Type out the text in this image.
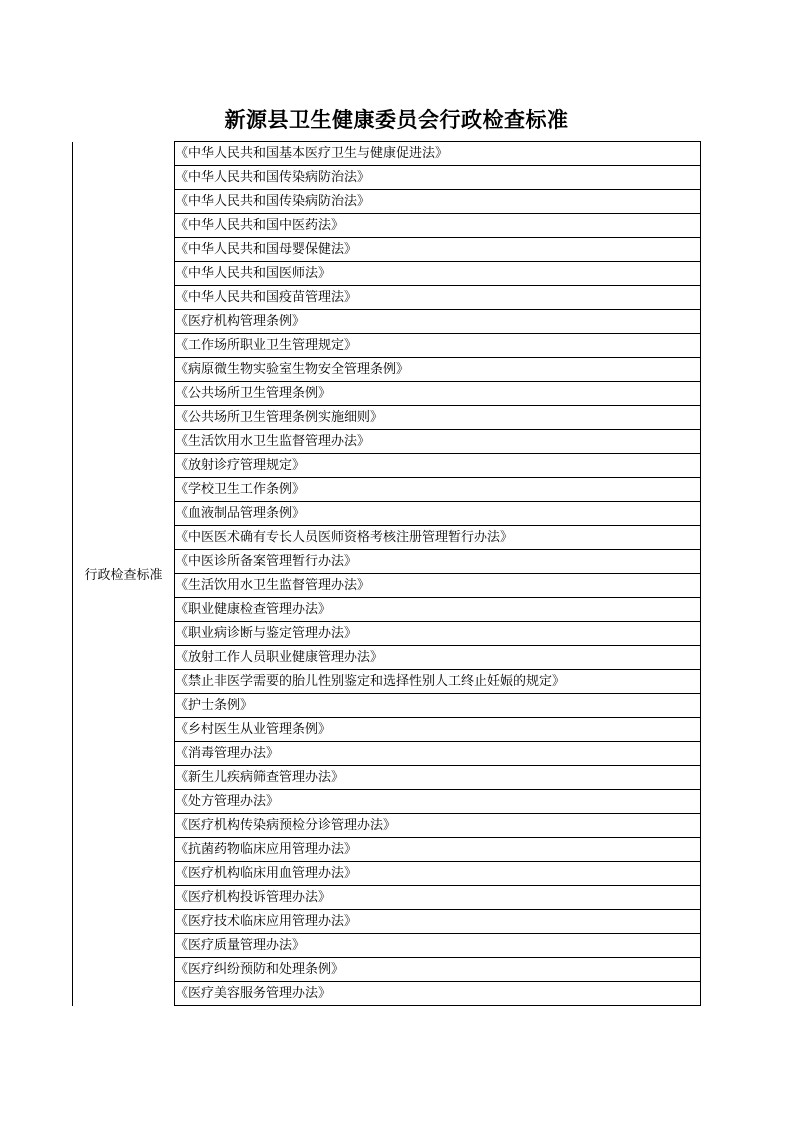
新源县卫生健康委员会行政检查标准
行政检查标准	《中华人民共和国基本医疗卫生与健康促进法》
《中华人民共和国传染病防治法》
《中华人民共和国传染病防治法》
《中华人民共和国中医药法》
《中华人民共和国母婴保健法》
《中华人民共和国医师法》
《中华人民共和国疫苗管理法》
《医疗机构管理条例》
《工作场所职业卫生管理规定》
《病原微生物实验室生物安全管理条例》
《公共场所卫生管理条例》
《公共场所卫生管理条例实施细则》
《生活饮用水卫生监督管理办法》
《放射诊疗管理规定》
《学校卫生工作条例》
《血液制品管理条例》
《中医医术确有专长人员医师资格考核注册管理暂行办法》
《中医诊所备案管理暂行办法》
《生活饮用水卫生监督管理办法》
《职业健康检查管理办法》
《职业病诊断与鉴定管理办法》
《放射工作人员职业健康管理办法》
《禁止非医学需要的胎儿性别鉴定和选择性别人工终止妊娠的规定》
《护士条例》
《乡村医生从业管理条例》
《消毒管理办法》
《新生儿疾病筛查管理办法》
《处方管理办法》
《医疗机构传染病预检分诊管理办法》
《抗菌药物临床应用管理办法》
《医疗机构临床用血管理办法》
《医疗机构投诉管理办法》
《医疗技术临床应用管理办法》
《医疗质量管理办法》
《医疗纠纷预防和处理条例》
《医疗美容服务管理办法》
